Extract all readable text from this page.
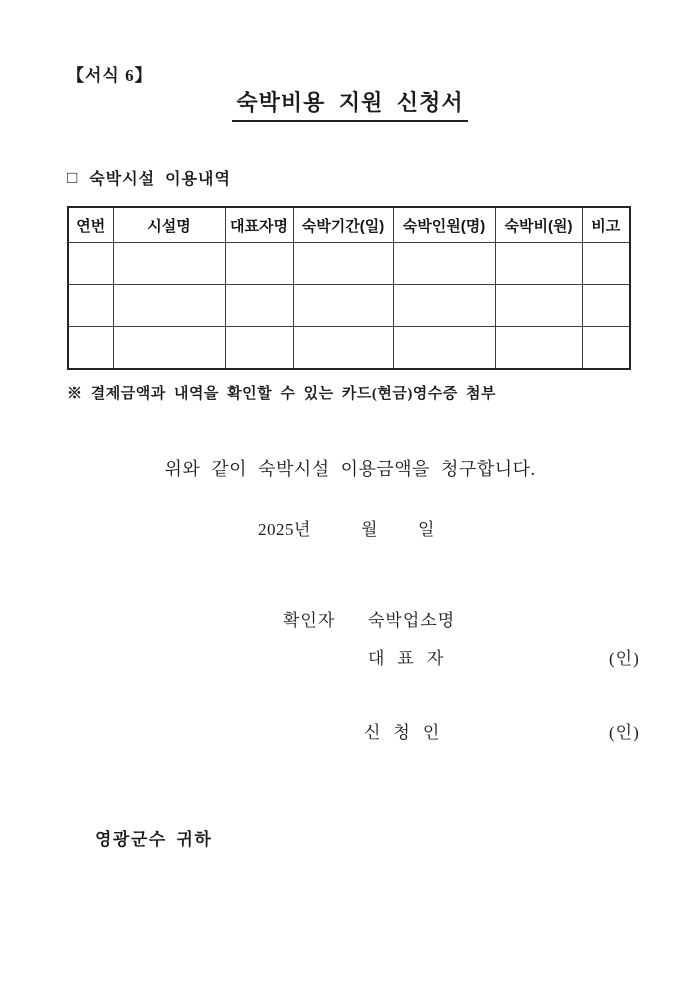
【서식 6】
숙박비용 지원 신청서
□ 숙박시설 이용내역
연번	시설명	대표자명	숙박기간(일)	숙박인원(명)	숙박비(원)	비고

※ 결제금액과 내역을 확인할 수 있는 카드(현금)영수증 첨부
위와 같이 숙박시설 이용금액을 청구합니다.
2025년	월 일
확인자 숙박업소명
대  표  자	(인)
신  청  인	(인)
영광군수 귀하
